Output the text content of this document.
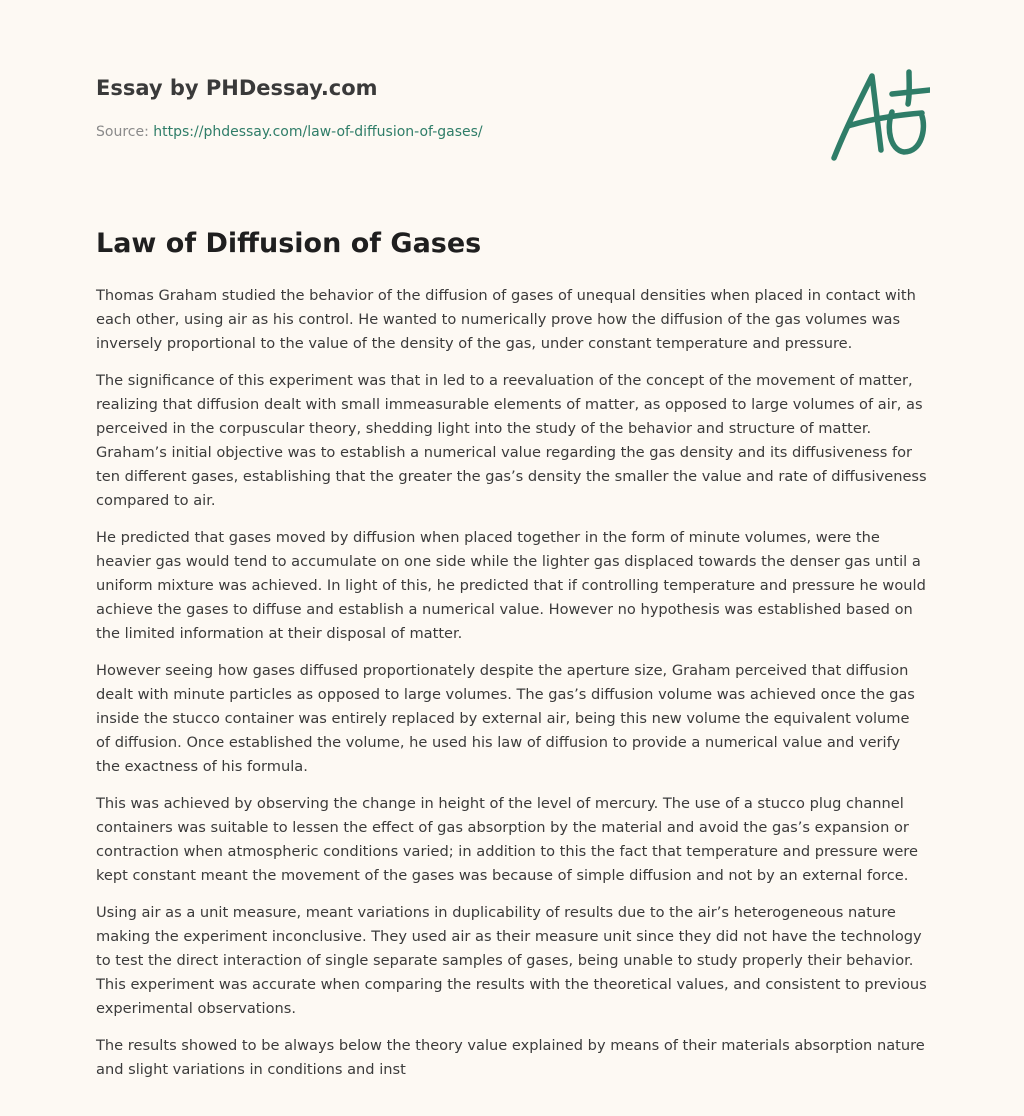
Essay by PHDessay.com

Source: https://phdessay.com/law-of-diffusion-of-gases/

Law of Diffusion of Gases

Thomas Graham studied the behavior of the diffusion of gases of unequal densities when placed in contact with each other, using air as his control. He wanted to numerically prove how the diffusion of the gas volumes was inversely proportional to the value of the density of the gas, under constant temperature and pressure.

The significance of this experiment was that in led to a reevaluation of the concept of the movement of matter, realizing that diffusion dealt with small immeasurable elements of matter, as opposed to large volumes of air, as perceived in the corpuscular theory, shedding light into the study of the behavior and structure of matter. Graham’s initial objective was to establish a numerical value regarding the gas density and its diffusiveness for ten different gases, establishing that the greater the gas’s density the smaller the value and rate of diffusiveness compared to air.

He predicted that gases moved by diffusion when placed together in the form of minute volumes, were the heavier gas would tend to accumulate on one side while the lighter gas displaced towards the denser gas until a uniform mixture was achieved. In light of this, he predicted that if controlling temperature and pressure he would achieve the gases to diffuse and establish a numerical value. However no hypothesis was established based on the limited information at their disposal of matter.

However seeing how gases diffused proportionately despite the aperture size, Graham perceived that diffusion dealt with minute particles as opposed to large volumes. The gas’s diffusion volume was achieved once the gas inside the stucco container was entirely replaced by external air, being this new volume the equivalent volume of diffusion. Once established the volume, he used his law of diffusion to provide a numerical value and verify the exactness of his formula.

This was achieved by observing the change in height of the level of mercury. The use of a stucco plug channel containers was suitable to lessen the effect of gas absorption by the material and avoid the gas’s expansion or contraction when atmospheric conditions varied; in addition to this the fact that temperature and pressure were kept constant meant the movement of the gases was because of simple diffusion and not by an external force.

Using air as a unit measure, meant variations in duplicability of results due to the air’s heterogeneous nature making the experiment inconclusive. They used air as their measure unit since they did not have the technology to test the direct interaction of single separate samples of gases, being unable to study properly their behavior. This experiment was accurate when comparing the results with the theoretical values, and consistent to previous experimental observations.

The results showed to be always below the theory value explained by means of their materials absorption nature and slight variations in conditions and inst
